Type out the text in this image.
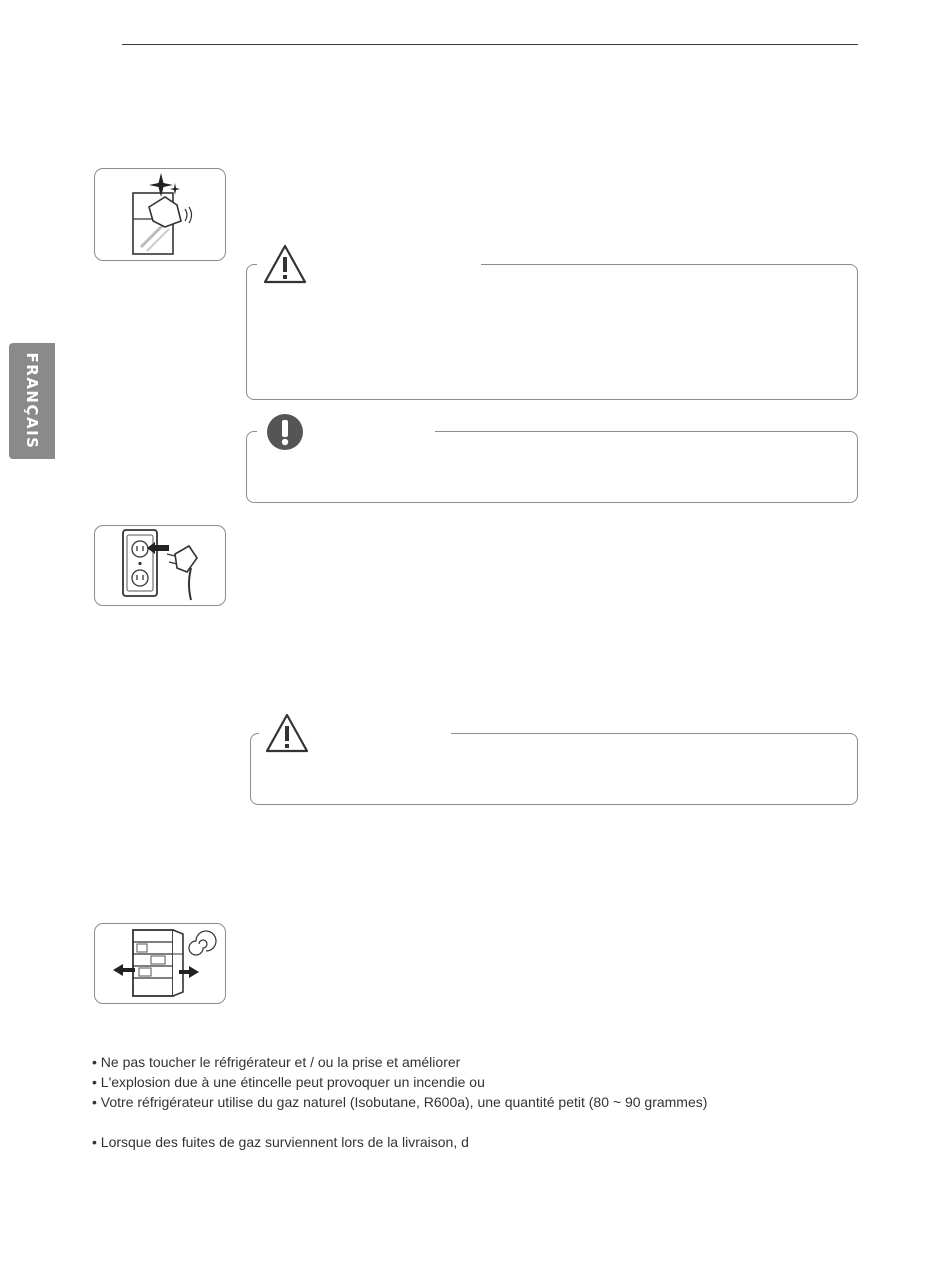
FRANÇAIS

• Ne pas toucher le réfrigérateur et / ou la prise et améliorer

• L'explosion due à une étincelle peut provoquer un incendie ou

• Votre réfrigérateur utilise du gaz naturel (Isobutane, R600a), une quantité petit (80 ~ 90 grammes)

• Lorsque des fuites de gaz surviennent lors de la livraison, d
